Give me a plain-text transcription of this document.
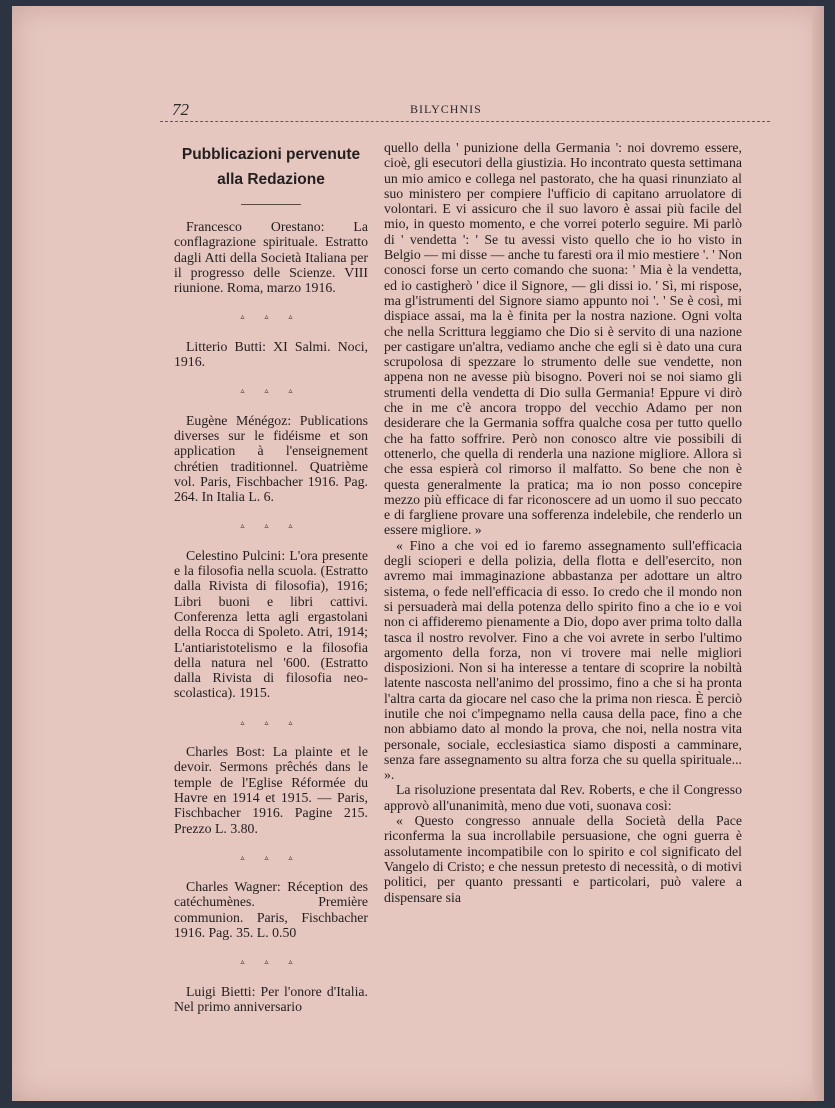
72	BILYCHNIS
Pubblicazioni pervenute alla Redazione

Francesco Orestano: La conflagrazione spirituale. Estratto dagli Atti della Società Italiana per il progresso delle Scienze. VIII riunione. Roma, marzo 1916.

▵ ▵ ▵

Litterio Butti: XI Salmi. Noci, 1916.

▵ ▵ ▵

Eugène Ménégoz: Publications diverses sur le fidéisme et son application à l'enseignement chrétien traditionnel. Quatrième vol. Paris, Fischbacher 1916. Pag. 264. In Italia L. 6.

▵ ▵ ▵

Celestino Pulcini: L'ora presente e la filosofia nella scuola. (Estratto dalla Rivista di filosofia), 1916; Libri buoni e libri cattivi. Conferenza letta agli ergastolani della Rocca di Spoleto. Atri, 1914; L'antiaristotelismo e la filosofia della natura nel '600. (Estratto dalla Rivista di filosofia neo-scolastica). 1915.

▵ ▵ ▵

Charles Bost: La plainte et le devoir. Sermons prêchés dans le temple de l'Eglise Réformée du Havre en 1914 et 1915. — Paris, Fischbacher 1916. Pagine 215. Prezzo L. 3.80.

▵ ▵ ▵

Charles Wagner: Réception des catéchumènes. Première communion. Paris, Fischbacher 1916. Pag. 35. L. 0.50

▵ ▵ ▵

Luigi Bietti: Per l'onore d'Italia. Nel primo anniversario

quello della ' punizione della Germania ': noi dovremo essere, cioè, gli esecutori della giustizia. Ho incontrato questa settimana un mio amico e collega nel pastorato, che ha quasi rinunziato al suo ministero per compiere l'ufficio di capitano arruolatore di volontari. E vi assicuro che il suo lavoro è assai più facile del mio, in questo momento, e che vorrei poterlo seguire. Mi parlò di ' vendetta ': ' Se tu avessi visto quello che io ho visto in Belgio — mi disse — anche tu faresti ora il mio mestiere '. ' Non conosci forse un certo comando che suona: ' Mia è la vendetta, ed io castigherò ' dice il Signore, — gli dissi io. ' Sì, mi rispose, ma gl'istrumenti del Signore siamo appunto noi '. ' Se è così, mi dispiace assai, ma la è finita per la nostra nazione. Ogni volta che nella Scrittura leggiamo che Dio si è servito di una nazione per castigare un'altra, vediamo anche che egli si è dato una cura scrupolosa di spezzare lo strumento delle sue vendette, non appena non ne avesse più bisogno. Poveri noi se noi siamo gli strumenti della vendetta di Dio sulla Germania! Eppure vi dirò che in me c'è ancora troppo del vecchio Adamo per non desiderare che la Germania soffra qualche cosa per tutto quello che ha fatto soffrire. Però non conosco altre vie possibili di ottenerlo, che quella di renderla una nazione migliore. Allora sì che essa espierà col rimorso il malfatto. So bene che non è questa generalmente la pratica; ma io non posso concepire mezzo più efficace di far riconoscere ad un uomo il suo peccato e di fargliene provare una sofferenza indelebile, che renderlo un essere migliore. »

« Fino a che voi ed io faremo assegnamento sull'efficacia degli scioperi e della polizia, della flotta e dell'esercito, non avremo mai immaginazione abbastanza per adottare un altro sistema, o fede nell'efficacia di esso. Io credo che il mondo non si persuaderà mai della potenza dello spirito fino a che io e voi non ci affideremo pienamente a Dio, dopo aver prima tolto dalla tasca il nostro revolver. Fino a che voi avrete in serbo l'ultimo argomento della forza, non vi trovere mai nelle migliori disposizioni. Non si ha interesse a tentare di scoprire la nobiltà latente nascosta nell'animo del prossimo, fino a che si ha pronta l'altra carta da giocare nel caso che la prima non riesca. È perciò inutile che noi c'impegnamo nella causa della pace, fino a che non abbiamo dato al mondo la prova, che noi, nella nostra vita personale, sociale, ecclesiastica siamo disposti a camminare, senza fare assegnamento su altra forza che su quella spirituale... ».

La risoluzione presentata dal Rev. Roberts, e che il Congresso approvò all'unanimità, meno due voti, suonava così:

« Questo congresso annuale della Società della Pace riconferma la sua incrollabile persuasione, che ogni guerra è assolutamente incompatibile con lo spirito e col significato del Vangelo di Cristo; e che nessun pretesto di necessità, o di motivi politici, per quanto pressanti e particolari, può valere a dispensare sia
